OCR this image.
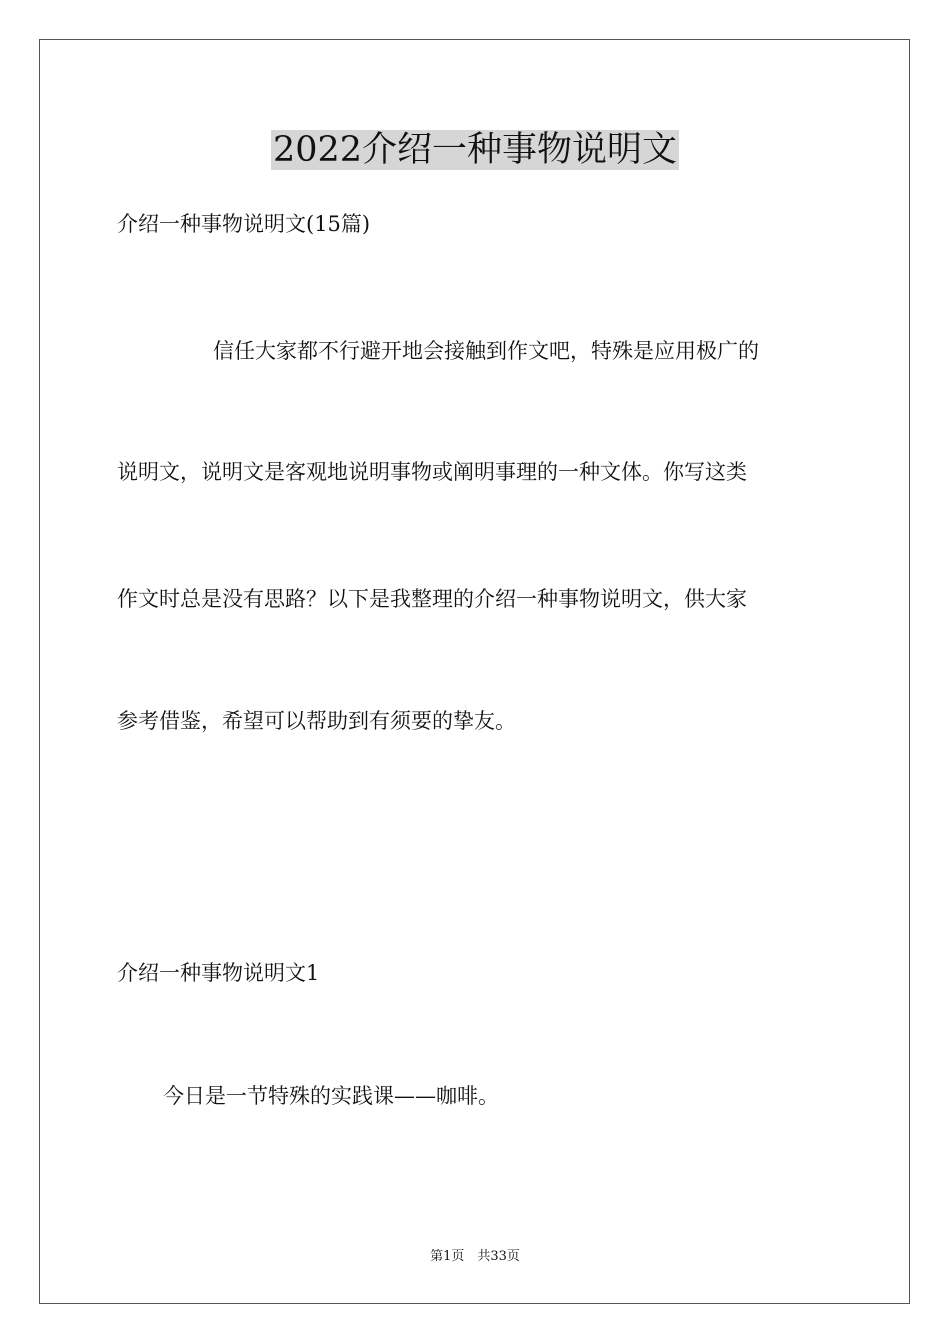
2022介绍一种事物说明文
介绍一种事物说明文(15篇)
信任大家都不行避开地会接触到作文吧，特殊是应用极广的
说明文，说明文是客观地说明事物或阐明事理的一种文体。你写这类
作文时总是没有思路？以下是我整理的介绍一种事物说明文，供大家
参考借鉴，希望可以帮助到有须要的挚友。
介绍一种事物说明文1
今日是一节特殊的实践课——咖啡。
第1页　共33页
